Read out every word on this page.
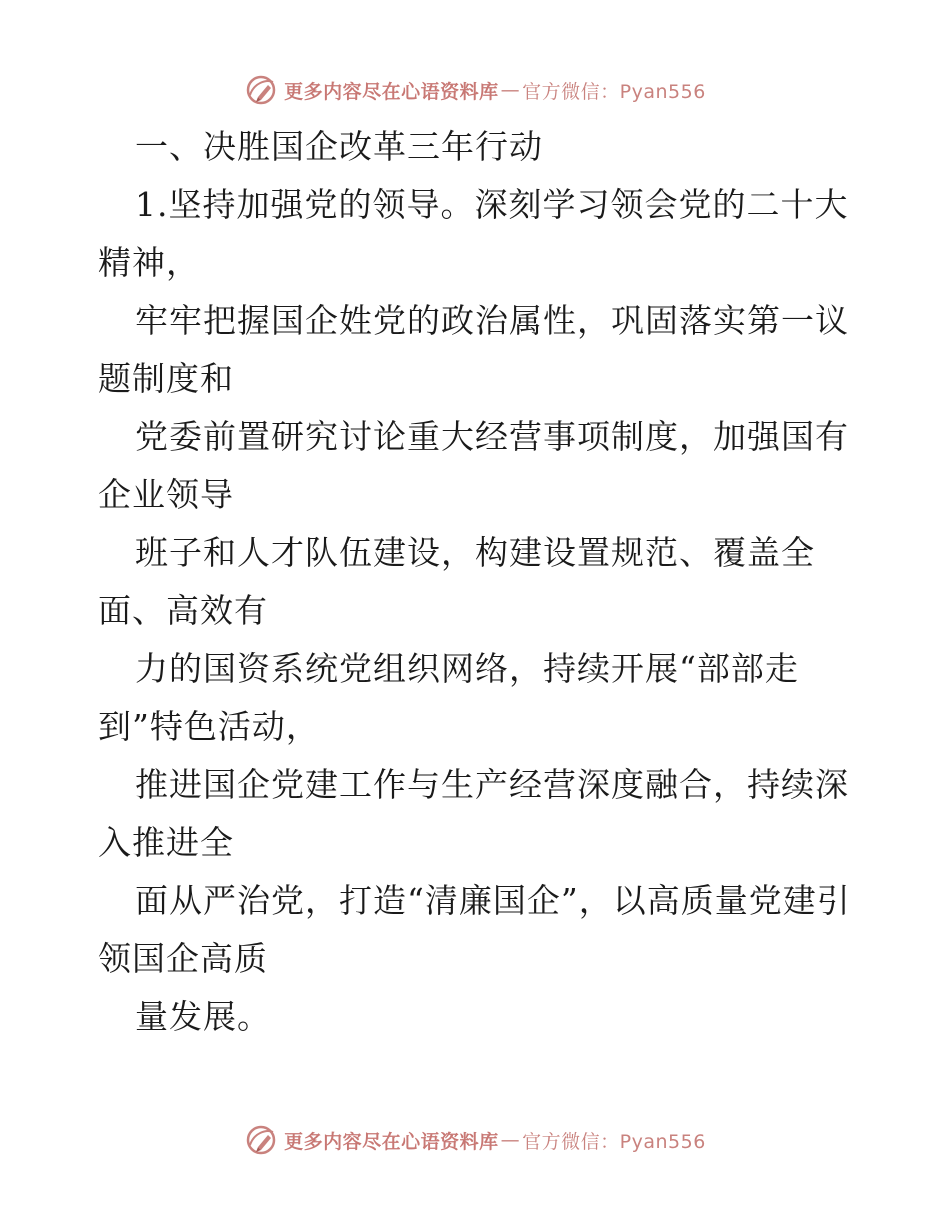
更多内容尽在心语资料库 — 官方微信：Pyan556

一、决胜国企改革三年行动

1.坚持加强党的领导。深刻学习领会党的二十大精神，

牢牢把握国企姓党的政治属性，巩固落实第一议题制度和

党委前置研究讨论重大经营事项制度，加强国有企业领导

班子和人才队伍建设，构建设置规范、覆盖全面、高效有

力的国资系统党组织网络，持续开展“部部走到”特色活动，

推进国企党建工作与生产经营深度融合，持续深入推进全

面从严治党，打造“清廉国企”，以高质量党建引领国企高质

量发展。

更多内容尽在心语资料库 — 官方微信：Pyan556
